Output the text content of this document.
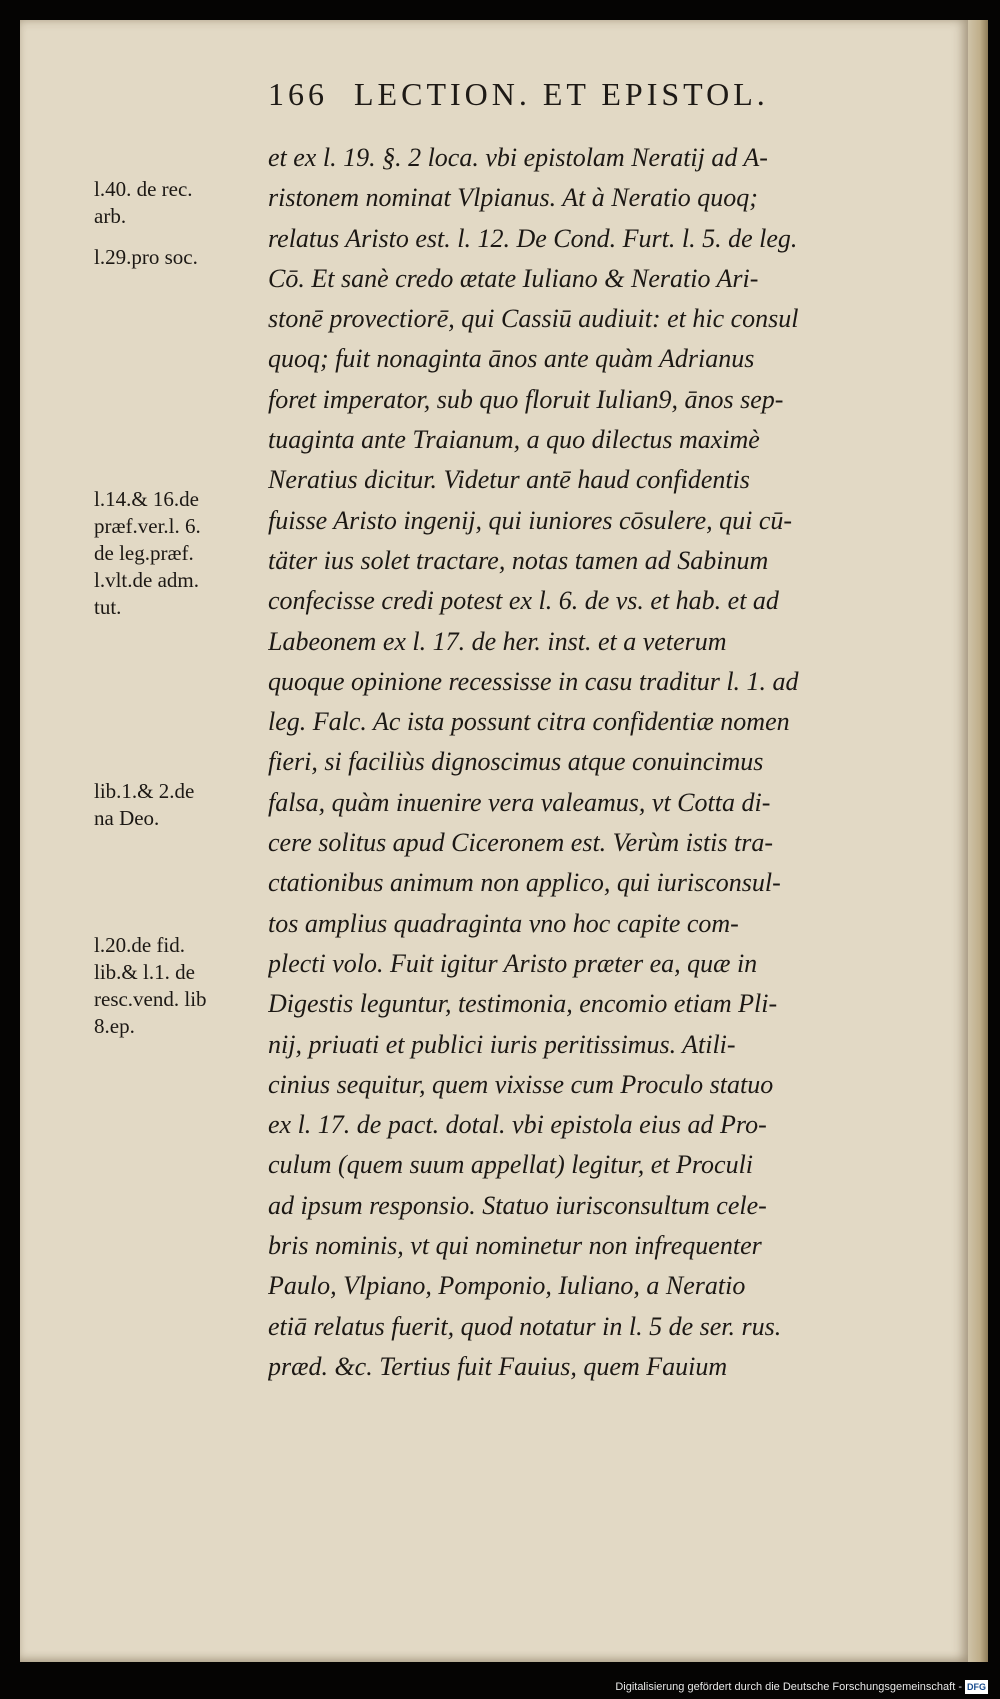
166 LECTION. ET EPISTOL.
l.40. de rec.
arb.
l.29.pro soc.
l.14.& 16.de
præf.ver.l. 6.
de leg.præf.
l.vlt.de adm.
tut.
lib.1.& 2.de
na Deo.
l.20.de fid.
lib.& l.1. de
resc.vend. lib
8.ep.
et ex l. 19. §. 2 loca. vbi epistolam Neratij ad A-
ristonem nominat Vlpianus. At à Neratio quoq;
relatus Aristo est. l. 12. De Cond. Furt. l. 5. de leg.
Cō. Et sanè credo ætate Iuliano & Neratio Ari-
stonē provectiorē, qui Cassiū audiuit: et hic consul
quoq; fuit nonaginta ānos ante quàm Adrianus
foret imperator, sub quo floruit Iulian9, ānos sep-
tuaginta ante Traianum, a quo dilectus maximè
Neratius dicitur. Videtur antē haud confidentis
fuisse Aristo ingenij, qui iuniores cōsulere, qui cū-
täter ius solet tractare, notas tamen ad Sabinum
confecisse credi potest ex l. 6. de vs. et hab. et ad
Labeonem ex l. 17. de her. inst. et a veterum
quoque opinione recessisse in casu traditur l. 1. ad
leg. Falc. Ac ista possunt citra confidentiæ nomen
fieri, si faciliùs dignoscimus atque conuincimus
falsa, quàm inuenire vera valeamus, vt Cotta di-
cere solitus apud Ciceronem est. Verùm istis tra-
ctationibus animum non applico, qui iurisconsul-
tos amplius quadraginta vno hoc capite com-
plecti volo. Fuit igitur Aristo præter ea, quæ in
Digestis leguntur, testimonia, encomio etiam Pli-
nij, priuati et publici iuris peritissimus. Atili-
cinius sequitur, quem vixisse cum Proculo statuo
ex l. 17. de pact. dotal. vbi epistola eius ad Pro-
culum (quem suum appellat) legitur, et Proculi
ad ipsum responsio. Statuo iurisconsultum cele-
bris nominis, vt qui nominetur non infrequenter
Paulo, Vlpiano, Pomponio, Iuliano, a Neratio
etiā relatus fuerit, quod notatur in l. 5 de ser. rus.
præd. &c. Tertius fuit Fauius, quem Fauium
Digitalisierung gefördert durch die Deutsche Forschungsgemeinschaft - DFG
